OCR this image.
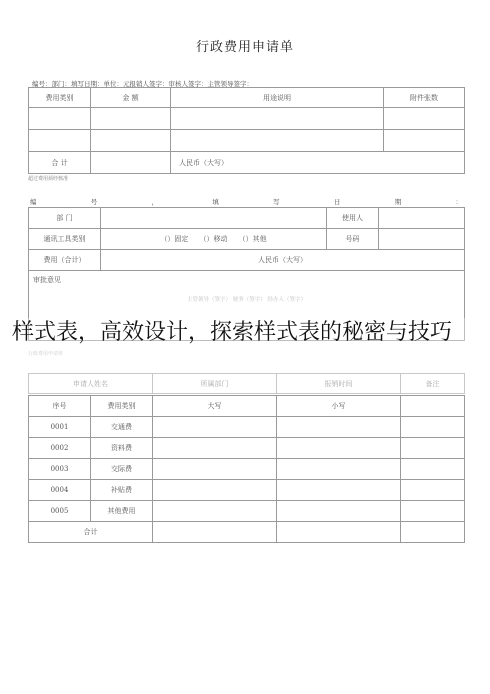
行政费用申请单
编号：部门：填写日期：单位：元报销人签字：审核人签字：主管领导签字：
费用类别	金 额	用途说明	附件张数

合 计		人民币（大写）	
超过费用须经核准
编	号	，	填	写	日	期	：
部 门		使用人	
通讯工具类别	（）固定 （）移动 （）其他	号码	
费用（合计）	人民币（大写）		

审批意见
主管领导（签字） 财务（签字） 经办人（签字）			
行政费用申请单
申请人姓名	所属部门	报销时间	备注
序号	费用类别	大写	小写	
0001	交通费			
0002	资料费			
0003	交际费			
0004	补贴费			
0005	其他费用			
合计				
样式表，高效设计，探索样式表的秘密与技巧
